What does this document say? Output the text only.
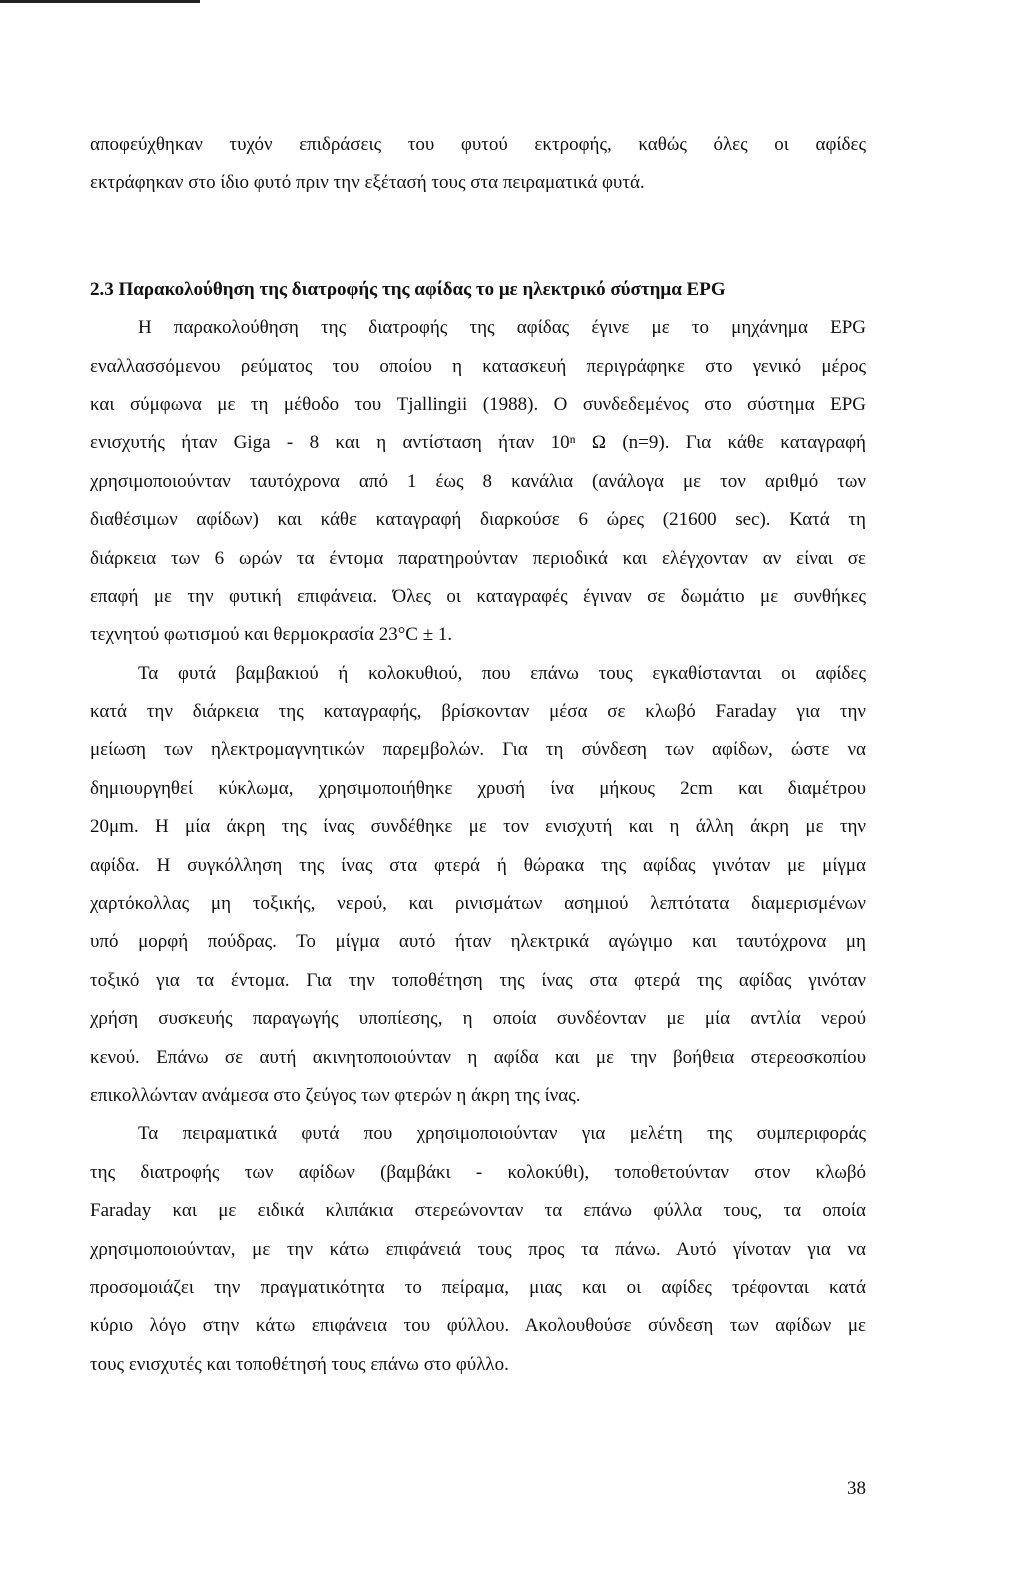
αποφεύχθηκαν τυχόν επιδράσεις του φυτού εκτροφής, καθώς όλες οι αφίδες
εκτράφηκαν στο ίδιο φυτό πριν την εξέτασή τους στα πειραματικά φυτά.
2.3 Παρακολούθηση της διατροφής της αφίδας το με ηλεκτρικό σύστημα EPG
Η παρακολούθηση της διατροφής της αφίδας έγινε με το μηχάνημα EPG
εναλλασσόμενου ρεύματος του οποίου η κατασκευή περιγράφηκε στο γενικό μέρος
και σύμφωνα με τη μέθοδο του Tjallingii (1988). Ο συνδεδεμένος στο σύστημα EPG
ενισχυτής ήταν Giga - 8 και η αντίσταση ήταν 10ⁿ Ω (n=9). Για κάθε καταγραφή
χρησιμοποιούνταν ταυτόχρονα από 1 έως 8 κανάλια (ανάλογα με τον αριθμό των
διαθέσιμων αφίδων) και κάθε καταγραφή διαρκούσε 6 ώρες (21600 sec). Κατά τη
διάρκεια των 6 ωρών τα έντομα παρατηρούνταν περιοδικά και ελέγχονταν αν είναι σε
επαφή με την φυτική επιφάνεια. Όλες οι καταγραφές έγιναν σε δωμάτιο με συνθήκες
τεχνητού φωτισμού και θερμοκρασία 23°C ± 1.
Τα φυτά βαμβακιού ή κολοκυθιού, που επάνω τους εγκαθίστανται οι αφίδες
κατά την διάρκεια της καταγραφής, βρίσκονταν μέσα σε κλωβό Faraday για την
μείωση των ηλεκτρομαγνητικών παρεμβολών. Για τη σύνδεση των αφίδων, ώστε να
δημιουργηθεί κύκλωμα, χρησιμοποιήθηκε χρυσή ίνα μήκους 2cm και διαμέτρου
20μm. Η μία άκρη της ίνας συνδέθηκε με τον ενισχυτή και η άλλη άκρη με την
αφίδα. Η συγκόλληση της ίνας στα φτερά ή θώρακα της αφίδας γινόταν με μίγμα
χαρτόκολλας μη τοξικής, νερού, και ρινισμάτων ασημιού λεπτότατα διαμερισμένων
υπό μορφή πούδρας. Το μίγμα αυτό ήταν ηλεκτρικά αγώγιμο και ταυτόχρονα μη
τοξικό για τα έντομα. Για την τοποθέτηση της ίνας στα φτερά της αφίδας γινόταν
χρήση συσκευής παραγωγής υποπίεσης, η οποία συνδέονταν με μία αντλία νερού
κενού. Επάνω σε αυτή ακινητοποιούνταν η αφίδα και με την βοήθεια στερεοσκοπίου
επικολλώνταν ανάμεσα στο ζεύγος των φτερών η άκρη της ίνας.
Τα πειραματικά φυτά που χρησιμοποιούνταν για μελέτη της συμπεριφοράς
της διατροφής των αφίδων (βαμβάκι - κολοκύθι), τοποθετούνταν στον κλωβό
Faraday και με ειδικά κλιπάκια στερεώνονταν τα επάνω φύλλα τους, τα οποία
χρησιμοποιούνταν, με την κάτω επιφάνειά τους προς τα πάνω. Αυτό γίνοταν για να
προσομοιάζει την πραγματικότητα το πείραμα, μιας και οι αφίδες τρέφονται κατά
κύριο λόγο στην κάτω επιφάνεια του φύλλου. Ακολουθούσε σύνδεση των αφίδων με
τους ενισχυτές και τοποθέτησή τους επάνω στο φύλλο.
38
